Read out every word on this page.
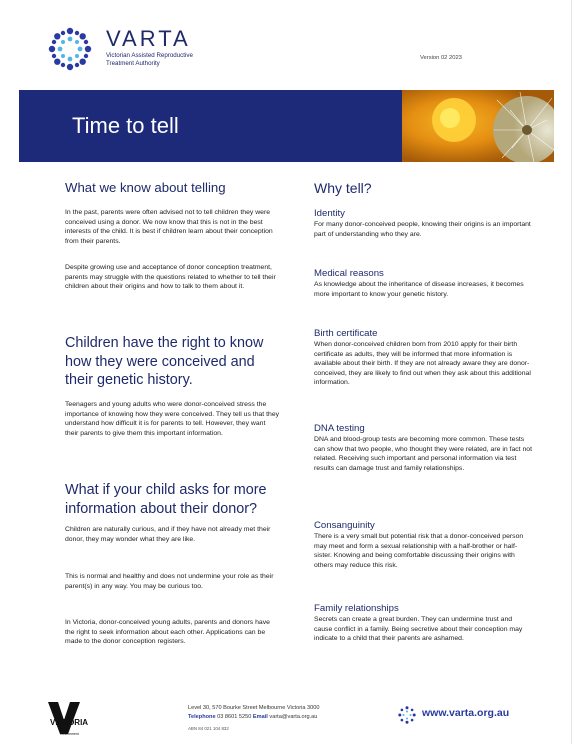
VARTA
Victorian Assisted Reproductive
Treatment Authority
Version 02 2023
Time to tell
What we know about telling
In the past, parents were often advised not to tell children they were conceived using a donor. We now know that this is not in the best interests of the child. It is best if children learn about their conception from their parents.
Despite growing use and acceptance of donor conception treatment, parents may struggle with the questions related to whether to tell their children about their origins and how to talk to them about it.
Children have the right to know how they were conceived and their genetic history.
Teenagers and young adults who were donor-conceived stress the importance of knowing how they were conceived. They tell us that they understand how difficult it is for parents to tell. However, they want their parents to give them this important information.
What if your child asks for more information about their donor?
Children are naturally curious, and if they have not already met their donor, they may wonder what they are like.
This is normal and healthy and does not undermine your role as their parent(s) in any way. You may be curious too.
In Victoria, donor-conceived young adults, parents and donors have the right to seek information about each other. Applications can be made to the donor conception registers.
Why tell?
Identity
For many donor-conceived people, knowing their origins is an important part of understanding who they are.
Medical reasons
As knowledge about the inheritance of disease increases, it becomes more important to know your genetic history.
Birth certificate
When donor-conceived children born from 2010 apply for their birth certificate as adults, they will be informed that more information is available about their birth. If they are not already aware they are donor-conceived, they are likely to find out when they ask about this additional information.
DNA testing
DNA and blood-group tests are becoming more common. These tests can show that two people, who thought they were related, are in fact not related. Receiving such important and personal information via test results can damage trust and family relationships.
Consanguinity
There is a very small but potential risk that a donor-conceived person may meet and form a sexual relationship with a half-brother or half-sister. Knowing and being comfortable discussing their origins with others may reduce this risk.
Family relationships
Secrets can create a great burden. They can undermine trust and cause conflict in a family. Being secretive about their conception may indicate to a child that their parents are ashamed.
VICTORIA
State
Government
Level 30, 570 Bourke Street Melbourne Victoria 3000
Telephone 03 8601 5250 Email varta@varta.org.au
ABN 84 021 104 832
www.varta.org.au
